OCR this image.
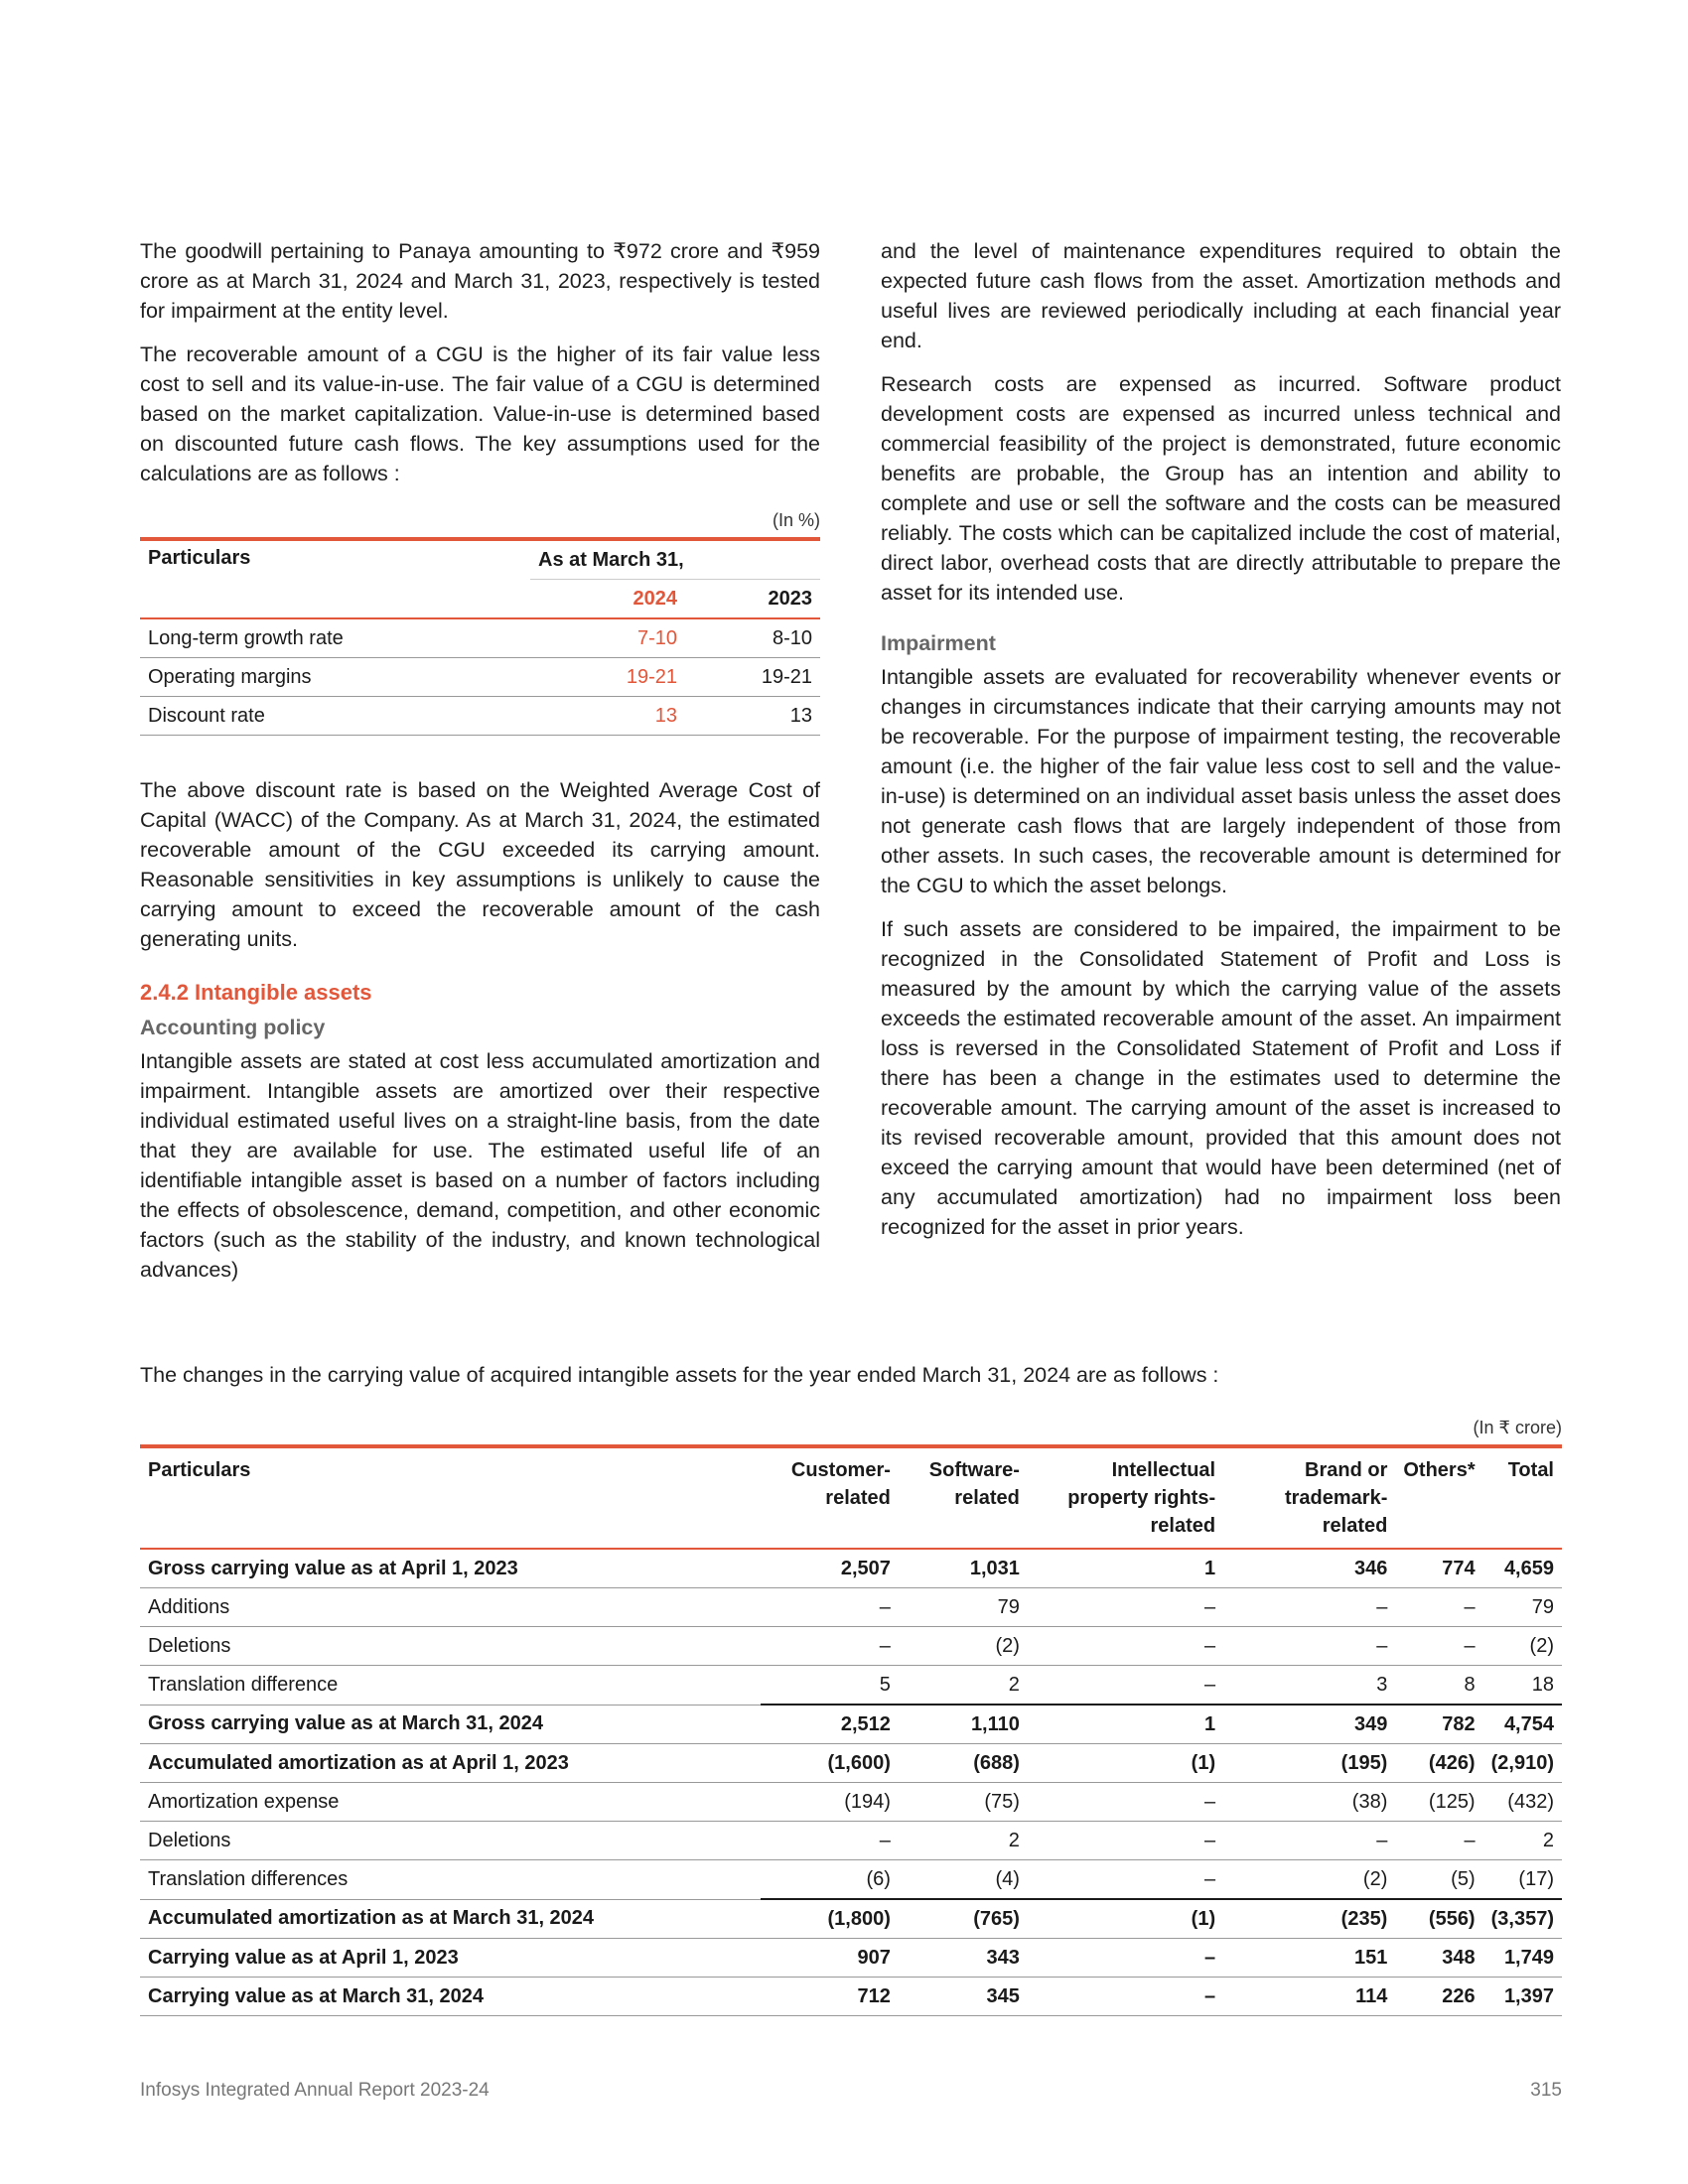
The goodwill pertaining to Panaya amounting to ₹972 crore and ₹959 crore as at March 31, 2024 and March 31, 2023, respectively is tested for impairment at the entity level.

The recoverable amount of a CGU is the higher of its fair value less cost to sell and its value-in-use. The fair value of a CGU is determined based on the market capitalization. Value-in-use is determined based on discounted future cash flows. The key assumptions used for the calculations are as follows :

(In %)
Particulars	As at March 31,	
	2024	2023
Long-term growth rate	7-10	8-10
Operating margins	19-21	19-21
Discount rate	13	13

The above discount rate is based on the Weighted Average Cost of Capital (WACC) of the Company. As at March 31, 2024, the estimated recoverable amount of the CGU exceeded its carrying amount. Reasonable sensitivities in key assumptions is unlikely to cause the carrying amount to exceed the recoverable amount of the cash generating units.

2.4.2 Intangible assets
Accounting policy

Intangible assets are stated at cost less accumulated amortization and impairment. Intangible assets are amortized over their respective individual estimated useful lives on a straight-line basis, from the date that they are available for use. The estimated useful life of an identifiable intangible asset is based on a number of factors including the effects of obsolescence, demand, competition, and other economic factors (such as the stability of the industry, and known technological advances)

and the level of maintenance expenditures required to obtain the expected future cash flows from the asset. Amortization methods and useful lives are reviewed periodically including at each financial year end.

Research costs are expensed as incurred. Software product development costs are expensed as incurred unless technical and commercial feasibility of the project is demonstrated, future economic benefits are probable, the Group has an intention and ability to complete and use or sell the software and the costs can be measured reliably. The costs which can be capitalized include the cost of material, direct labor, overhead costs that are directly attributable to prepare the asset for its intended use.

Impairment

Intangible assets are evaluated for recoverability whenever events or changes in circumstances indicate that their carrying amounts may not be recoverable. For the purpose of impairment testing, the recoverable amount (i.e. the higher of the fair value less cost to sell and the value-in-use) is determined on an individual asset basis unless the asset does not generate cash flows that are largely independent of those from other assets. In such cases, the recoverable amount is determined for the CGU to which the asset belongs.

If such assets are considered to be impaired, the impairment to be recognized in the Consolidated Statement of Profit and Loss is measured by the amount by which the carrying value of the assets exceeds the estimated recoverable amount of the asset. An impairment loss is reversed in the Consolidated Statement of Profit and Loss if there has been a change in the estimates used to determine the recoverable amount. The carrying amount of the asset is increased to its revised recoverable amount, provided that this amount does not exceed the carrying amount that would have been determined (net of any accumulated amortization) had no impairment loss been recognized for the asset in prior years.

The changes in the carrying value of acquired intangible assets for the year ended March 31, 2024 are as follows :

(In ₹ crore)
Particulars	Customer-related	Software-related	Intellectual property rights-related	Brand or trademark-related	Others*	Total
Gross carrying value as at April 1, 2023	2,507	1,031	1	346	774	4,659
Additions	–	79	–	–	–	79
Deletions	–	(2)	–	–	–	(2)
Translation difference	5	2	–	3	8	18
Gross carrying value as at March 31, 2024	2,512	1,110	1	349	782	4,754
Accumulated amortization as at April 1, 2023	(1,600)	(688)	(1)	(195)	(426)	(2,910)
Amortization expense	(194)	(75)	–	(38)	(125)	(432)
Deletions	–	2	–	–	–	2
Translation differences	(6)	(4)	–	(2)	(5)	(17)
Accumulated amortization as at March 31, 2024	(1,800)	(765)	(1)	(235)	(556)	(3,357)
Carrying value as at April 1, 2023	907	343	–	151	348	1,749
Carrying value as at March 31, 2024	712	345	–	114	226	1,397
Infosys Integrated Annual Report 2023-24	315
